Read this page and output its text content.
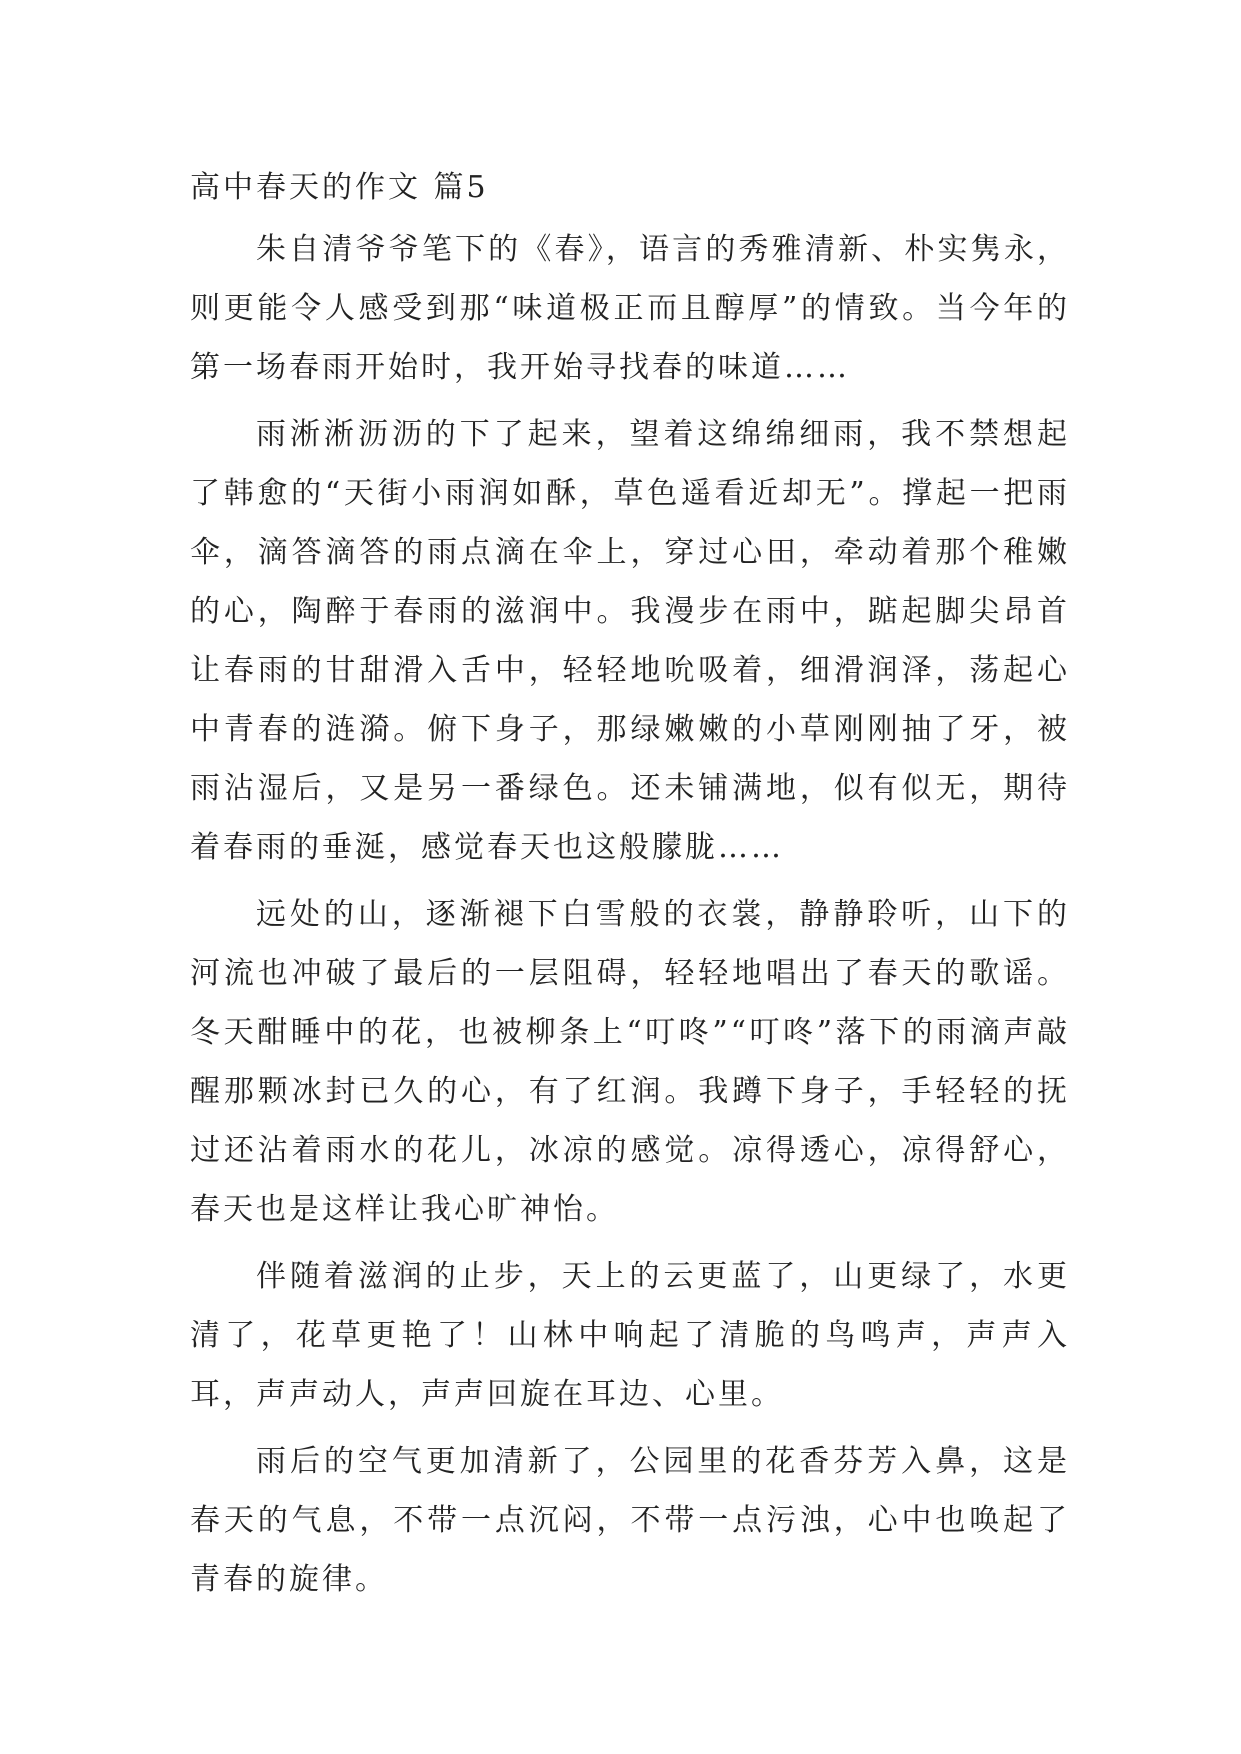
高中春天的作文 篇5

朱自清爷爷笔下的《春》，语言的秀雅清新、朴实隽永，则更能令人感受到那“味道极正而且醇厚”的情致。当今年的第一场春雨开始时，我开始寻找春的味道……

雨淅淅沥沥的下了起来，望着这绵绵细雨，我不禁想起了韩愈的“天街小雨润如酥，草色遥看近却无”。撑起一把雨伞，滴答滴答的雨点滴在伞上，穿过心田，牵动着那个稚嫩的心，陶醉于春雨的滋润中。我漫步在雨中，踮起脚尖昂首让春雨的甘甜滑入舌中，轻轻地吮吸着，细滑润泽，荡起心中青春的涟漪。俯下身子，那绿嫩嫩的小草刚刚抽了牙，被雨沾湿后，又是另一番绿色。还未铺满地，似有似无，期待着春雨的垂涎，感觉春天也这般朦胧……

远处的山，逐渐褪下白雪般的衣裳，静静聆听，山下的河流也冲破了最后的一层阻碍，轻轻地唱出了春天的歌谣。冬天酣睡中的花，也被柳条上“叮咚”“叮咚”落下的雨滴声敲醒那颗冰封已久的心，有了红润。我蹲下身子，手轻轻的抚过还沾着雨水的花儿，冰凉的感觉。凉得透心，凉得舒心，春天也是这样让我心旷神怡。

伴随着滋润的止步，天上的云更蓝了，山更绿了，水更清了，花草更艳了！山林中响起了清脆的鸟鸣声，声声入耳，声声动人，声声回旋在耳边、心里。

雨后的空气更加清新了，公园里的花香芬芳入鼻，这是春天的气息，不带一点沉闷，不带一点污浊，心中也唤起了青春的旋律。
